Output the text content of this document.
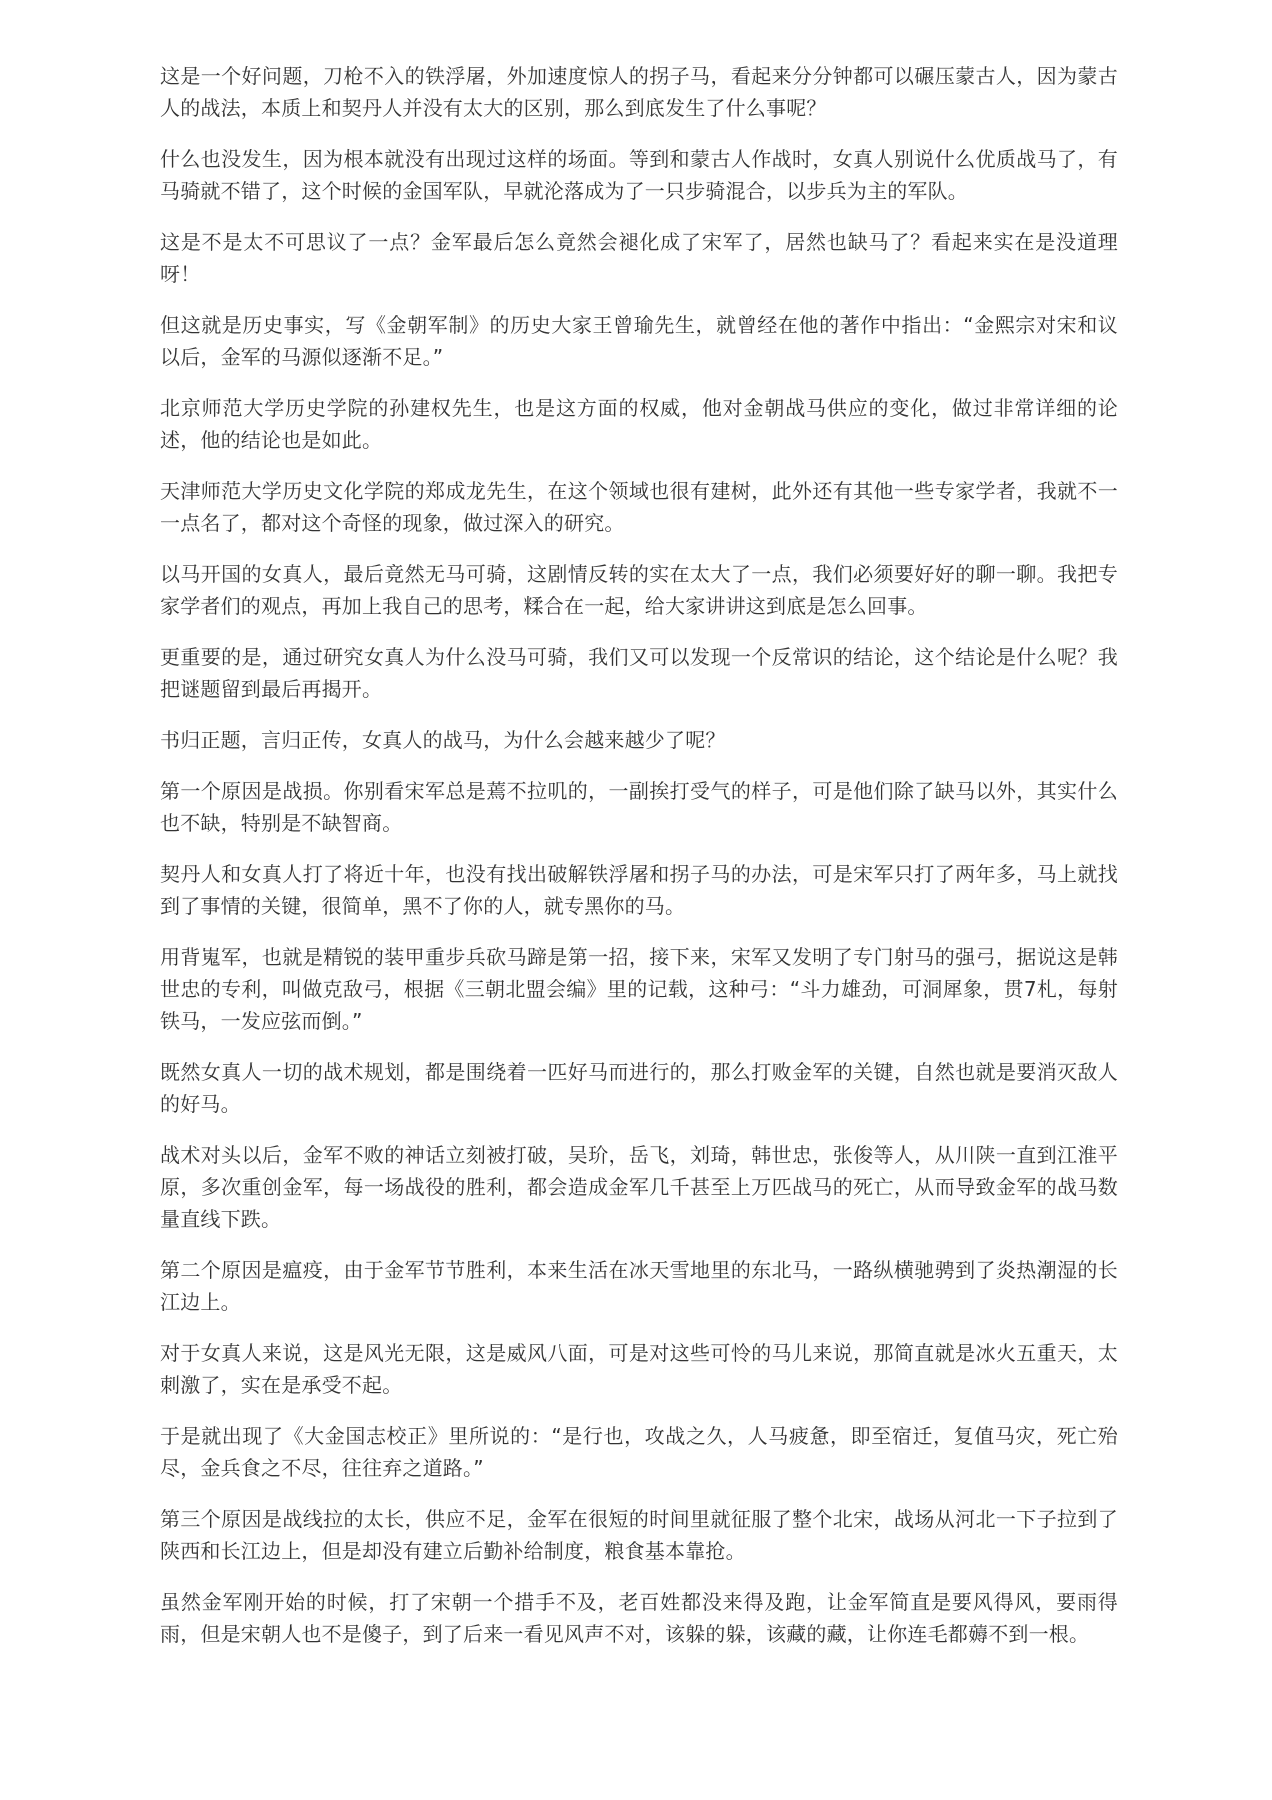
这是一个好问题，刀枪不入的铁浮屠，外加速度惊人的拐子马，看起来分分钟都可以碾压蒙古人，因为蒙古人的战法，本质上和契丹人并没有太大的区别，那么到底发生了什么事呢？

什么也没发生，因为根本就没有出现过这样的场面。等到和蒙古人作战时，女真人别说什么优质战马了，有马骑就不错了，这个时候的金国军队，早就沦落成为了一只步骑混合，以步兵为主的军队。

这是不是太不可思议了一点？金军最后怎么竟然会褪化成了宋军了，居然也缺马了？看起来实在是没道理呀！

但这就是历史事实，写《金朝军制》的历史大家王曾瑜先生，就曾经在他的著作中指出：“金熙宗对宋和议以后，金军的马源似逐渐不足。”

北京师范大学历史学院的孙建权先生，也是这方面的权威，他对金朝战马供应的变化，做过非常详细的论述，他的结论也是如此。

天津师范大学历史文化学院的郑成龙先生，在这个领域也很有建树，此外还有其他一些专家学者，我就不一一点名了，都对这个奇怪的现象，做过深入的研究。

以马开国的女真人，最后竟然无马可骑，这剧情反转的实在太大了一点，我们必须要好好的聊一聊。我把专家学者们的观点，再加上我自己的思考，糅合在一起，给大家讲讲这到底是怎么回事。

更重要的是，通过研究女真人为什么没马可骑，我们又可以发现一个反常识的结论，这个结论是什么呢？我把谜题留到最后再揭开。

书归正题，言归正传，女真人的战马，为什么会越来越少了呢？

第一个原因是战损。你别看宋军总是蔫不拉叽的，一副挨打受气的样子，可是他们除了缺马以外，其实什么也不缺，特别是不缺智商。

契丹人和女真人打了将近十年，也没有找出破解铁浮屠和拐子马的办法，可是宋军只打了两年多，马上就找到了事情的关键，很简单，黑不了你的人，就专黑你的马。

用背嵬军，也就是精锐的装甲重步兵砍马蹄是第一招，接下来，宋军又发明了专门射马的强弓，据说这是韩世忠的专利，叫做克敌弓，根据《三朝北盟会编》里的记载，这种弓：“斗力雄劲，可洞犀象，贯7札，每射铁马，一发应弦而倒。”

既然女真人一切的战术规划，都是围绕着一匹好马而进行的，那么打败金军的关键，自然也就是要消灭敌人的好马。

战术对头以后，金军不败的神话立刻被打破，吴玠，岳飞，刘琦，韩世忠，张俊等人，从川陕一直到江淮平原，多次重创金军，每一场战役的胜利，都会造成金军几千甚至上万匹战马的死亡，从而导致金军的战马数量直线下跌。

第二个原因是瘟疫，由于金军节节胜利，本来生活在冰天雪地里的东北马，一路纵横驰骋到了炎热潮湿的长江边上。

对于女真人来说，这是风光无限，这是威风八面，可是对这些可怜的马儿来说，那简直就是冰火五重天，太刺激了，实在是承受不起。

于是就出现了《大金国志校正》里所说的：“是行也，攻战之久，人马疲惫，即至宿迁，复值马灾，死亡殆尽，金兵食之不尽，往往弃之道路。”

第三个原因是战线拉的太长，供应不足，金军在很短的时间里就征服了整个北宋，战场从河北一下子拉到了陕西和长江边上，但是却没有建立后勤补给制度，粮食基本靠抢。

虽然金军刚开始的时候，打了宋朝一个措手不及，老百姓都没来得及跑，让金军简直是要风得风，要雨得雨，但是宋朝人也不是傻子，到了后来一看见风声不对，该躲的躲，该藏的藏，让你连毛都薅不到一根。
